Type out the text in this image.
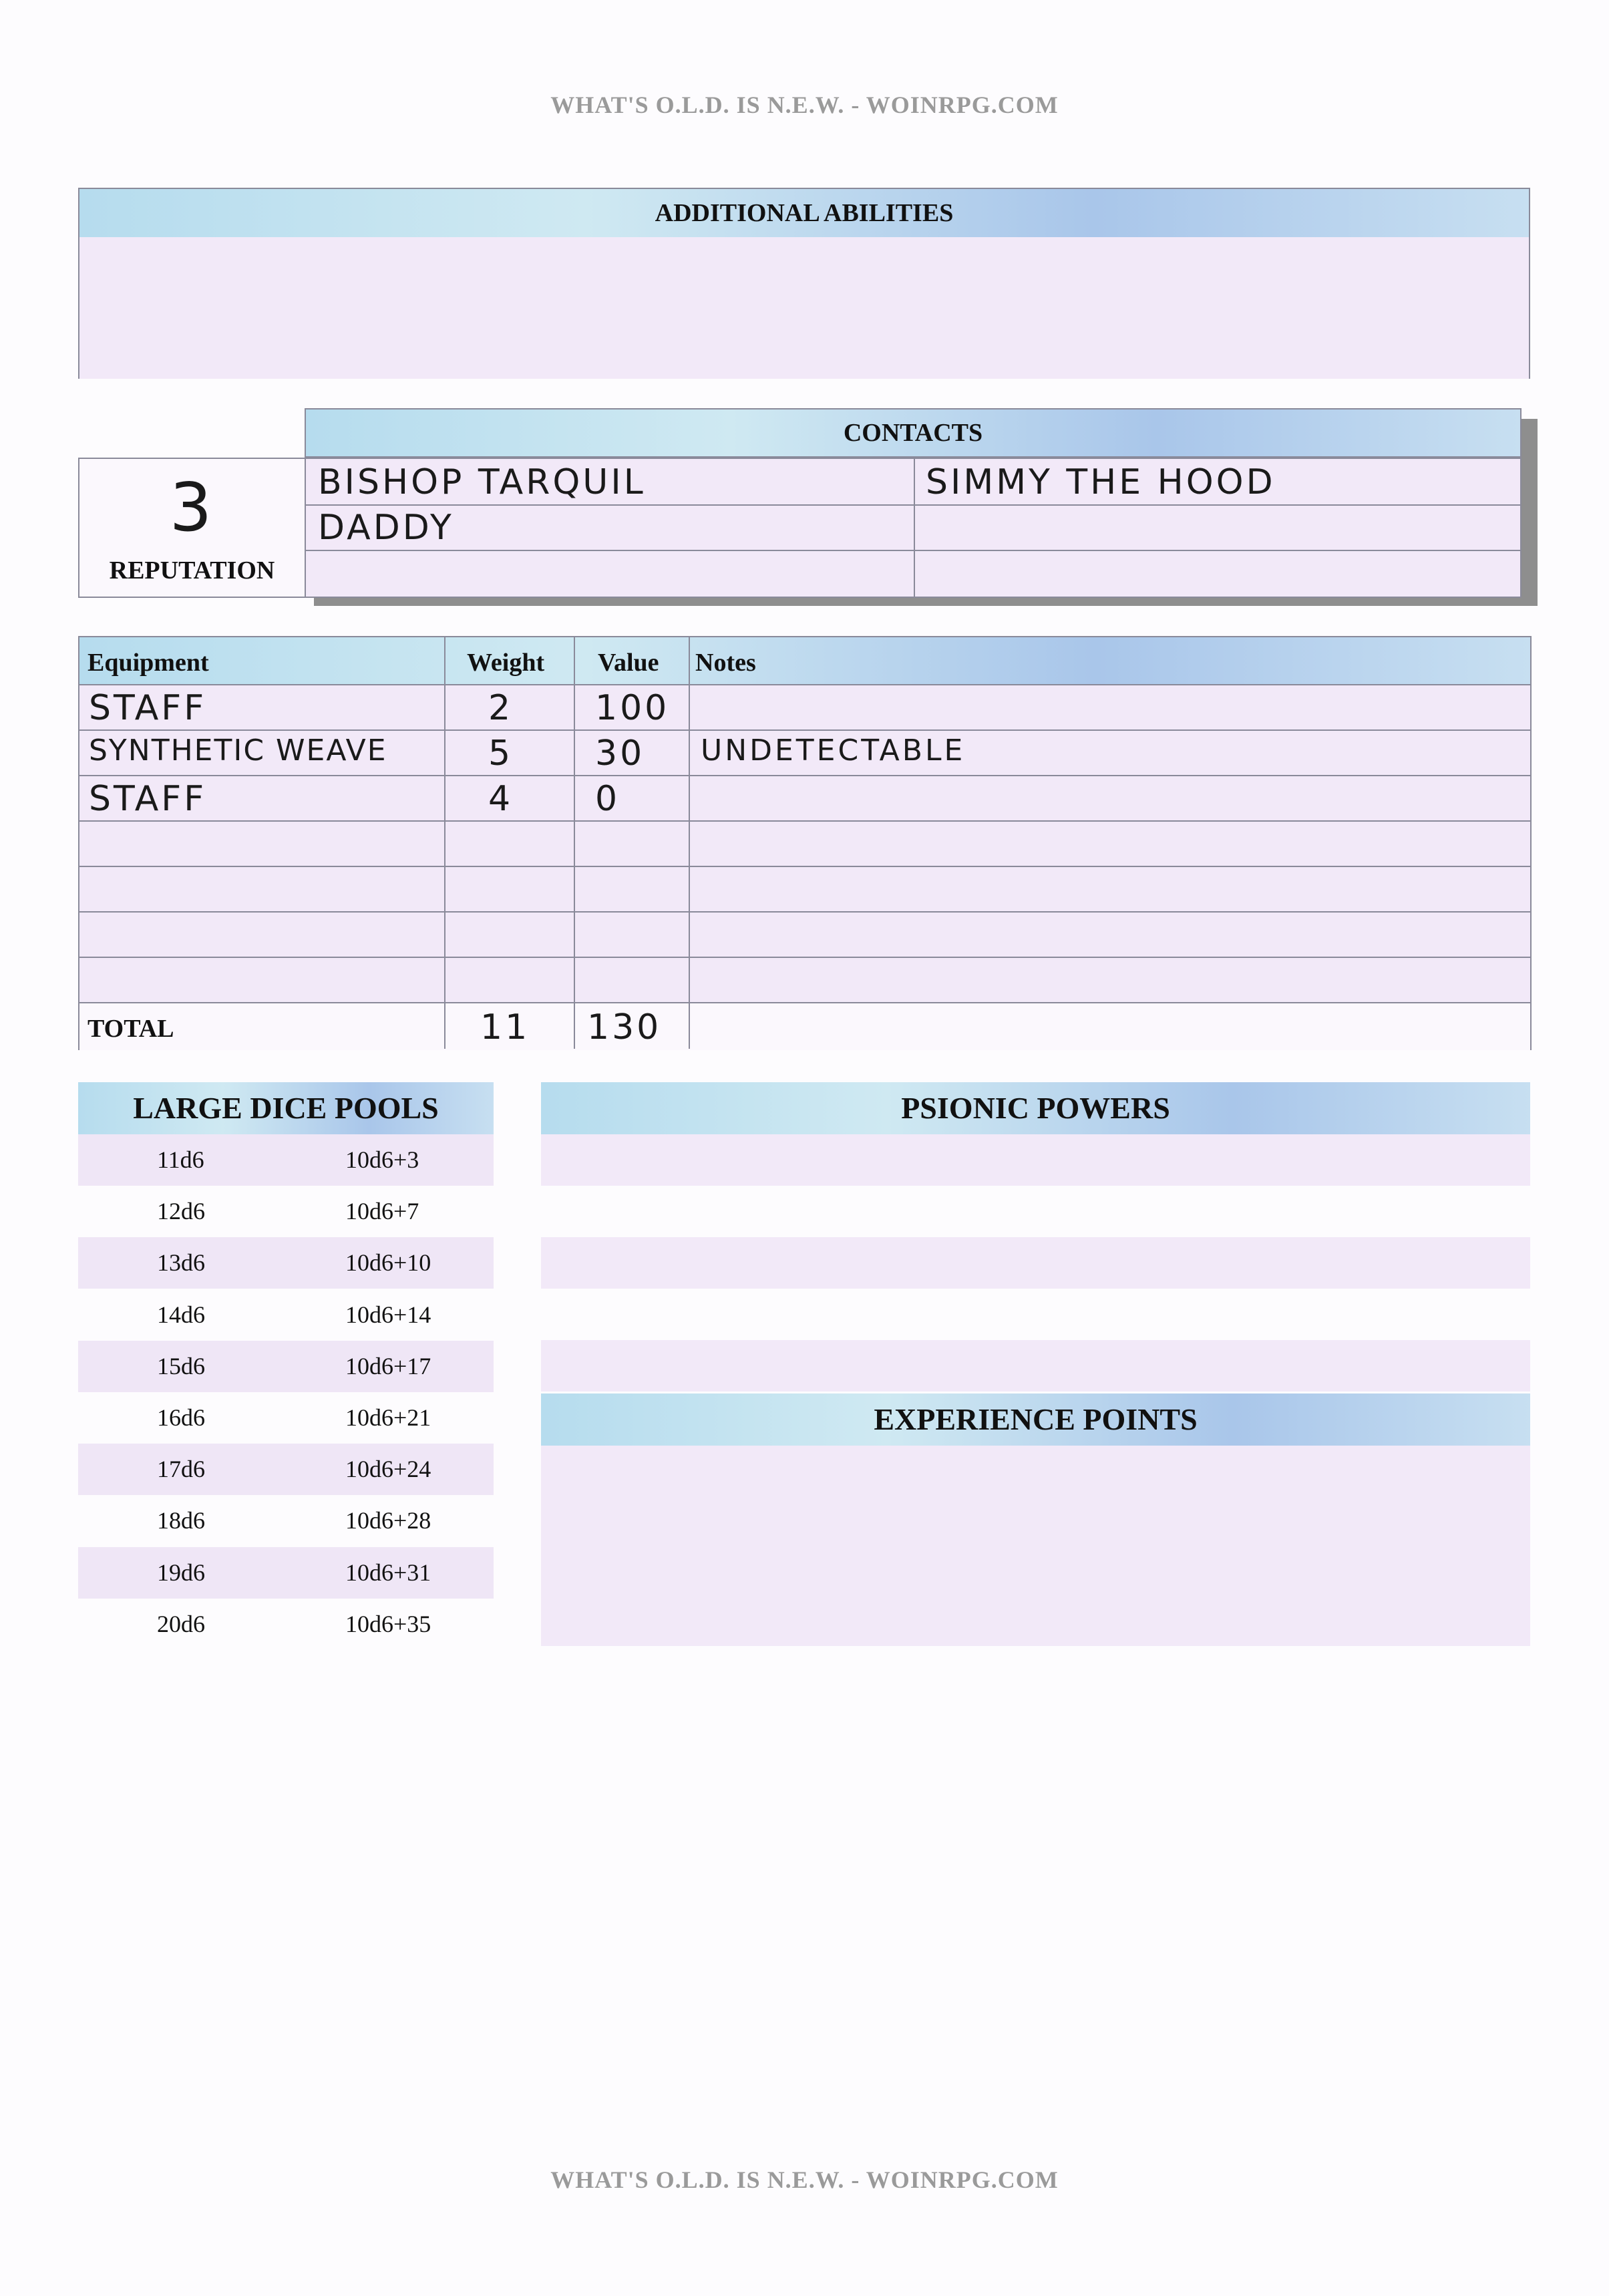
WHAT'S O.L.D. IS N.E.W. - WOINRPG.COM
ADDITIONAL ABILITIES
CONTACTS
3
REPUTATION
BISHOP TARQUIL	SIMMY THE HOOD
DADDY
Equipment	Weight Value Notes
STAFF	2 100
SYNTHETIC WEAVE	5 30 UNDETECTABLE
STAFF	4 0
TOTAL	11 130
LARGE DICE POOLS
11d6	10d6+3
12d6	10d6+7
13d6	10d6+10
14d6	10d6+14
15d6	10d6+17
16d6	10d6+21
17d6	10d6+24
18d6	10d6+28
19d6	10d6+31
20d6	10d6+35
PSIONIC POWERS
EXPERIENCE POINTS
WHAT'S O.L.D. IS N.E.W. - WOINRPG.COM
